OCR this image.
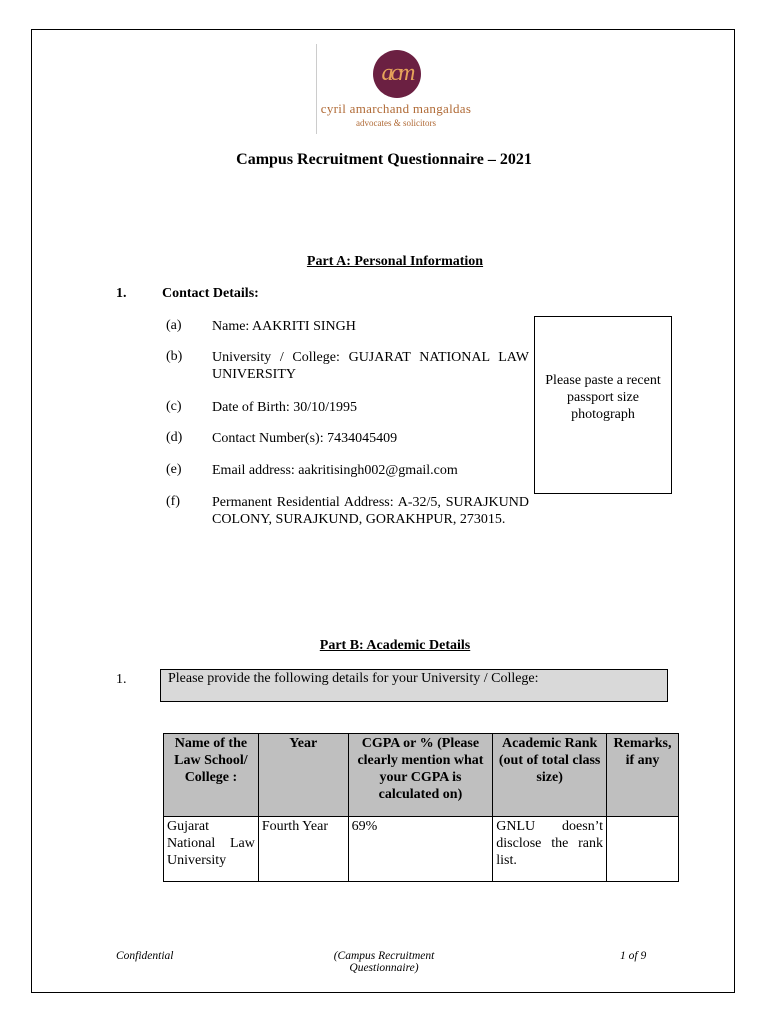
acm
cyril amarchand mangaldas
advocates & solicitors
Campus Recruitment Questionnaire – 2021
Part A: Personal Information
1.	Contact Details:
(a) Name: AAKRITI SINGH
(b) University / College: GUJARAT NATIONAL LAW UNIVERSITY
(c) Date of Birth: 30/10/1995
(d) Contact Number(s): 7434045409
(e) Email address: aakritisingh002@gmail.com
(f) Permanent Residential Address: A-32/5, SURAJKUND COLONY, SURAJKUND, GORAKHPUR, 273015.
Please paste a recent passport size photograph
Part B: Academic Details
1.	Please provide the following details for your University / College:
Name of the Law School/ College :	Year	CGPA or % (Please clearly mention what your CGPA is calculated on)	Academic Rank (out of total class size)	Remarks, if any
Gujarat National Law University	Fourth Year	69%	GNLU doesn’t disclose the rank list.	
Confidential	(Campus Recruitment Questionnaire)
1 of 9
